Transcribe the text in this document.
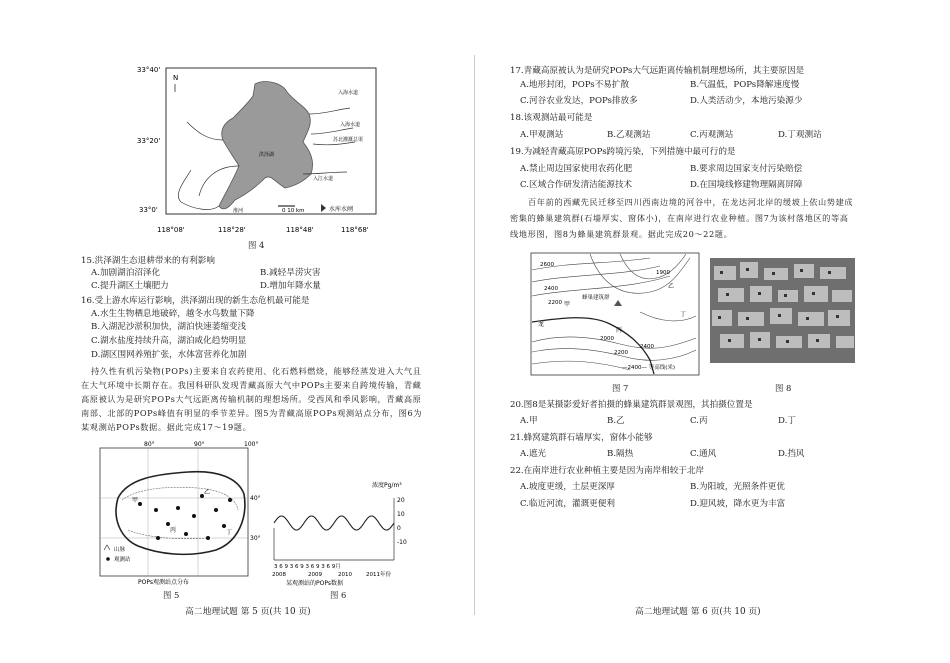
33°40'
33°20'
33°0'
118°08'	118°28'	118°48'	118°68'
N
入海水道
入海水道
苏北灌溉总渠
入江水道
洪泽湖
淮河	0 10 km	水库水闸
图 4
15.洪泽湖生态退耕带来的有利影响
A.加剧湖泊沼泽化	B.减轻旱涝灾害
C.提升湖区土壤肥力	D.增加年降水量
16.受上游水库运行影响，洪泽湖出现的新生态危机最可能是
A.水生生物栖息地破碎，越冬水鸟数量下降
B.入湖泥沙淤积加快，湖泊快速萎缩变浅
C.湖水盐度持续升高，湖泊咸化趋势明显
D.湖区围网养殖扩张，水体富营养化加剧
持久性有机污染物(POPs)主要来自农药使用、化石燃料燃烧，能够经蒸发进入大气且
在大气环境中长期存在。我国科研队发现青藏高原大气中POPs主要来自跨境传输，青藏
高原被认为是研究POPs大气远距离传输机制的理想场所。受西风和季风影响，青藏高原
南部、北部的POPs峰值有明显的季节差异。图5为青藏高原POPs观测站点分布，图6为
某观测站POPs数据。据此完成17～19题。
80°	90°	100°
40°
30°
甲
乙
丙	丁
山脉
观测站
POPs观测站点分布
图 5
浓度Pg/m³
20
10
0
-10
3 6 9 3 6 9 3 6 9 3 6 9月
2008	2009	2010	2011年份
某观测站的POPs数据
图 6
高二地理试题 第 5 页(共 10 页)
17.青藏高原被认为是研究POPs大气远距离传输机制理想场所，其主要原因是
A.地形封闭，POPs不易扩散	B.气温低，POPs降解速度慢
C.河谷农业发达，POPs排放多	D.人类活动少，本地污染源少
18.该观测站最可能是
A.甲观测站	B.乙观测站	C.丙观测站	D.丁观测站
19.为减轻青藏高原POPs跨境污染，下列措施中最可行的是
A.禁止周边国家使用农药化肥	B.要求周边国家支付污染赔偿
C.区域合作研发清洁能源技术	D.在国境线修建物理隔离屏障
百年前的西藏先民迁移至四川西南边境的河谷中，在龙达河北岸的缓坡上依山势建成
密集的蜂巢建筑群(石墙厚实、窗体小)，在南岸进行农业种植。图7为该村落地区的等高
线地形图，图8为蜂巢建筑群景观。据此完成20～22题。
2600
2400
1900
2200
2000
2200
2400
甲
乙
丙
丁
蜂巢建筑群
龙
—2400— 等高线(米)
图 7	图 8
20.图8是某摄影爱好者拍摄的蜂巢建筑群景观图，其拍摄位置是
A.甲	B.乙	C.丙	D.丁
21.蜂窝建筑群石墙厚实，窗体小能够
A.遮光	B.隔热	C.通风	D.挡风
22.在南岸进行农业种植主要是因为南岸相较于北岸
A.坡度更缓，土层更深厚	B.为阳坡，光照条件更优
C.临近河流，灌溉更便利	D.迎风坡，降水更为丰富
高二地理试题 第 6 页(共 10 页)
